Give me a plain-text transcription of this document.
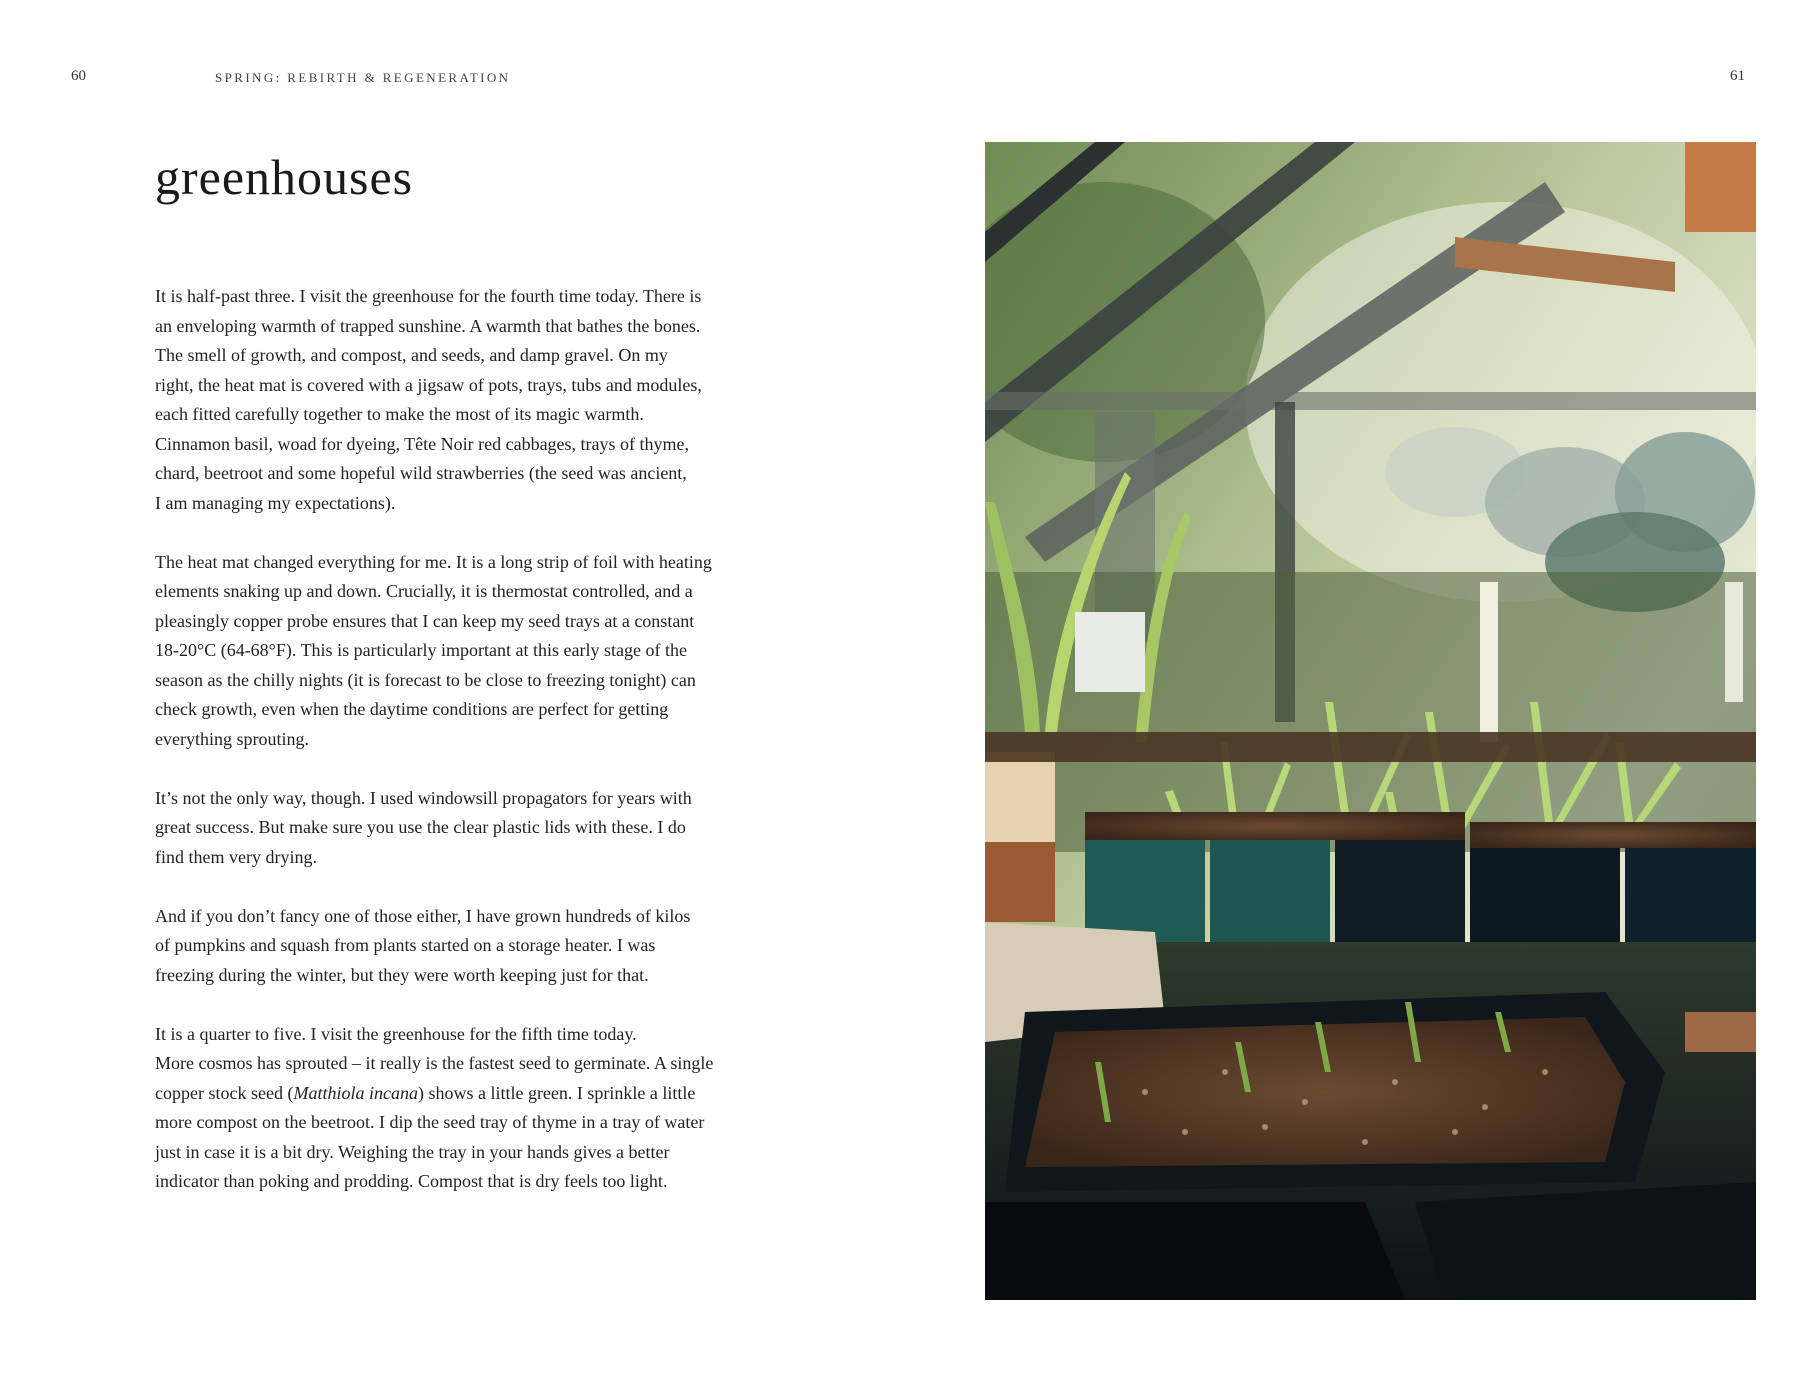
60	SPRING: REBIRTH & REGENERATION
greenhouses

It is half-past three. I visit the greenhouse for the fourth time today. There is
an enveloping warmth of trapped sunshine. A warmth that bathes the bones.
The smell of growth, and compost, and seeds, and damp gravel. On my
right, the heat mat is covered with a jigsaw of pots, trays, tubs and modules,
each fitted carefully together to make the most of its magic warmth.
Cinnamon basil, woad for dyeing, Tête Noir red cabbages, trays of thyme,
chard, beetroot and some hopeful wild strawberries (the seed was ancient,
I am managing my expectations).

The heat mat changed everything for me. It is a long strip of foil with heating
elements snaking up and down. Crucially, it is thermostat controlled, and a
pleasingly copper probe ensures that I can keep my seed trays at a constant
18-20°C (64-68°F). This is particularly important at this early stage of the
season as the chilly nights (it is forecast to be close to freezing tonight) can
check growth, even when the daytime conditions are perfect for getting
everything sprouting.

It’s not the only way, though. I used windowsill propagators for years with
great success. But make sure you use the clear plastic lids with these. I do
find them very drying.

And if you don’t fancy one of those either, I have grown hundreds of kilos
of pumpkins and squash from plants started on a storage heater. I was
freezing during the winter, but they were worth keeping just for that.

It is a quarter to five. I visit the greenhouse for the fifth time today.
More cosmos has sprouted – it really is the fastest seed to germinate. A single
copper stock seed (Matthiola incana) shows a little green. I sprinkle a little
more compost on the beetroot. I dip the seed tray of thyme in a tray of water
just in case it is a bit dry. Weighing the tray in your hands gives a better
indicator than poking and prodding. Compost that is dry feels too light.

61
